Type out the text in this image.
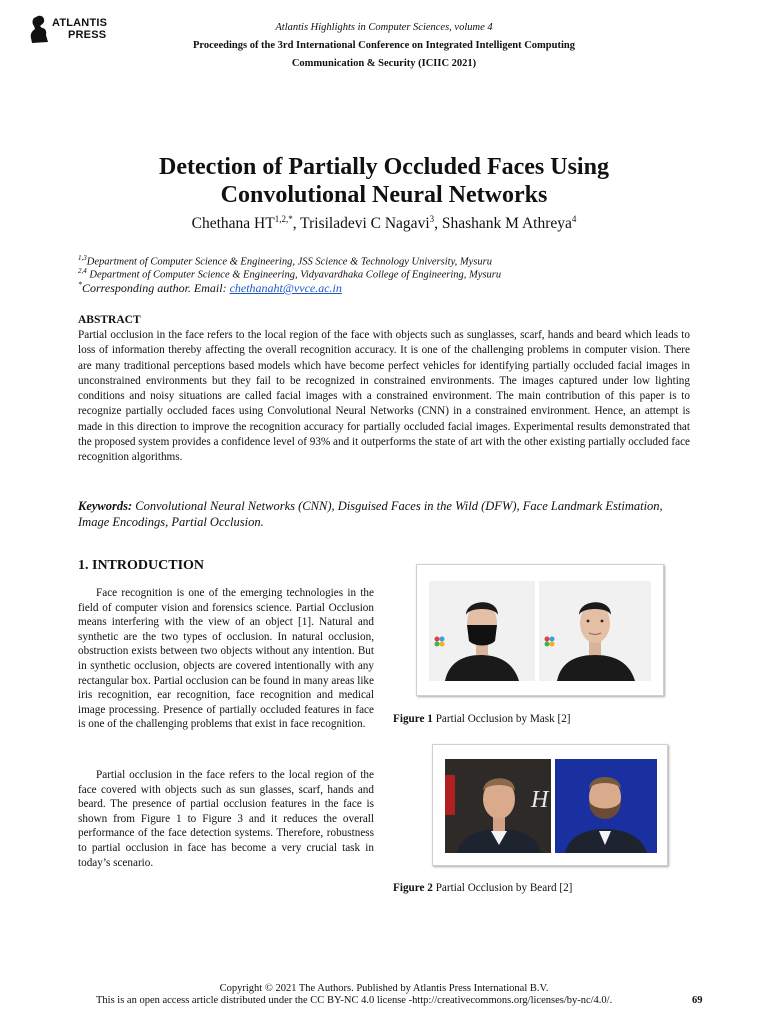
ATLANTIS
PRESS
Atlantis Highlights in Computer Sciences, volume 4
Proceedings of the 3rd International Conference on Integrated Intelligent Computing
Communication & Security (ICIIC 2021)
Detection of Partially Occluded Faces Using
Convolutional Neural Networks
Chethana $HT^{1,2,*}$, Trisiladevi C Nagavi$^3$, Shashank M Athreya$^4$
$^{1,3}$Department of Computer Science & Engineering, JSS Science & Technology University, Mysuru
$^{2,4}$ Department of Computer Science & Engineering, Vidyavardhaka College of Engineering, Mysuru
*Corresponding author. Email: chethanaht@vvce.ac.in
ABSTRACT
Partial occlusion in the face refers to the local region of the face with objects such as sunglasses, scarf, hands and beard which leads to loss of information thereby affecting the overall recognition accuracy. It is one of the challenging problems in computer vision. There are many traditional perceptions based models which have become perfect vehicles for identifying partially occluded facial images in unconstrained environments but they fail to be recognized in constrained environments. The images captured under low lighting conditions and noisy situations are called facial images with a constrained environment. The main contribution of this paper is to recognize partially occluded faces using Convolutional Neural Networks (CNN) in a constrained environment. Hence, an attempt is made in this direction to improve the recognition accuracy for partially occluded facial images. Experimental results demonstrated that the proposed system provides a confidence level of 93% and it outperforms the state of art with the other existing partially occluded face recognition algorithms.
Keywords: Convolutional Neural Networks (CNN), Disguised Faces in the Wild (DFW), Face Landmark Estimation, Image Encodings, Partial Occlusion.
1. INTRODUCTION
Face recognition is one of the emerging technologies in the field of computer vision and forensics science. Partial Occlusion means interfering with the view of an object [1]. Natural and synthetic are the two types of occlusion. In natural occlusion, obstruction exists between two objects without any intention. But in synthetic occlusion, objects are covered intentionally with any rectangular box. Partial occlusion can be found in many areas like iris recognition, ear recognition, face recognition and medical image processing. Presence of partially occluded features in face is one of the challenging problems that exist in face recognition.
Partial occlusion in the face refers to the local region of the face covered with objects such as sun glasses, scarf, hands and beard. The presence of partial occlusion features in the face is shown from Figure 1 to Figure 3 and it reduces the overall performance of the face detection systems. Therefore, robustness to partial occlusion in face has become a very crucial task in today’s scenario.
Figure 1 Partial Occlusion by Mask [2]
H
Figure 2 Partial Occlusion by Beard [2]
Copyright © 2021 The Authors. Published by Atlantis Press International B.V.
This is an open access article distributed under the CC BY-NC 4.0 license -http://creativecommons.org/licenses/by-nc/4.0/.	69
